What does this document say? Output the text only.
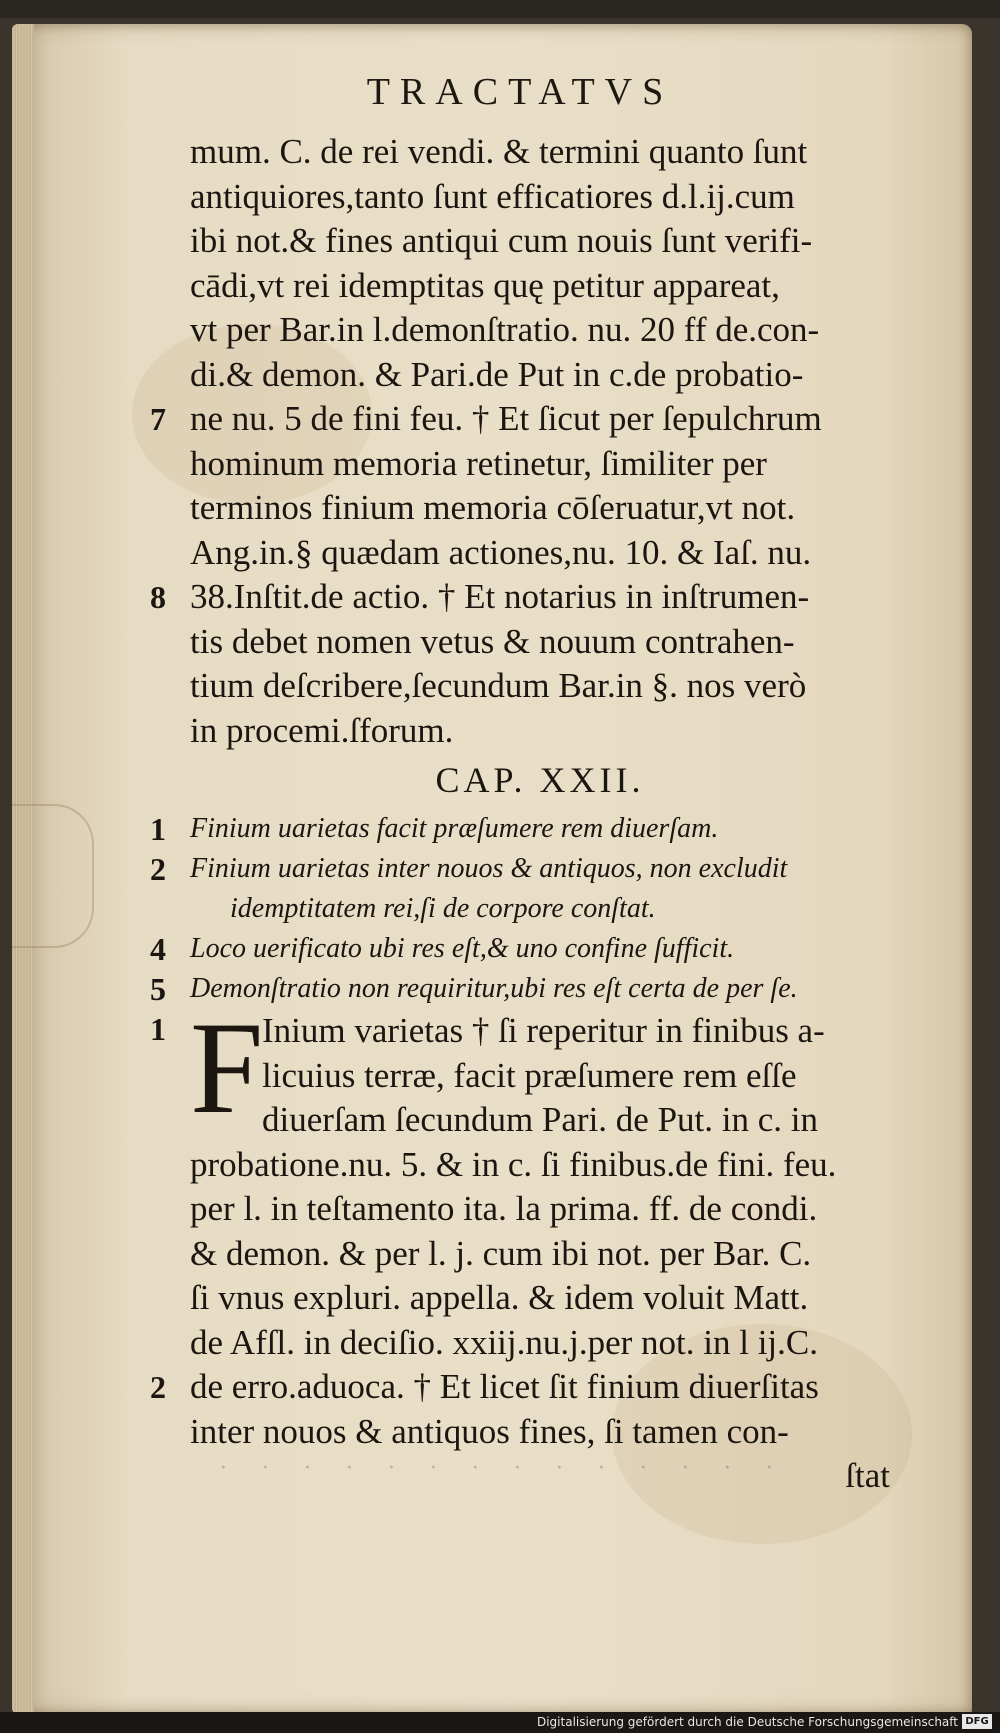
TRACTATVS
mum. C. de rei vendi. & termini quanto ſunt
antiquiores,tanto ſunt efficatiores d.l.ij.cum
ibi not.& fines antiqui cum nouis ſunt verifi-
cādi,vt rei idemptitas quę petitur appareat,
vt per Bar.in l.demonſtratio. nu. 20 ff de.con-
di.& demon. & Pari.de Put in c.de probatio-
7 ne nu. 5 de fini feu. † Et ſicut per ſepulchrum
hominum memoria retinetur, ſimiliter per
terminos finium memoria cōſeruatur,vt not.
Ang.in.§ quædam actiones,nu. 10. & Iaſ. nu.
8 38.Inſtit.de actio. † Et notarius in inſtrumen-
tis debet nomen vetus & nouum contrahen-
tium deſcribere,ſecundum Bar.in §. nos verò
in procemi.ſforum.
CAP. XXII.
1 Finium uarietas facit præſumere rem diuerſam.
2 Finium uarietas inter nouos & antiquos, non excludit
idemptitatem rei,ſi de corpore conſtat.
4 Loco uerificato ubi res eſt,& uno confine ſufficit.
5 Demonſtratio non requiritur,ubi res eſt certa de per ſe.
1 F
Inium varietas † ſi reperitur in finibus a-
licuius terræ, facit præſumere rem eſſe
diuerſam ſecundum Pari. de Put. in c. in
probatione.nu. 5. & in c. ſi finibus.de fini. feu.
per l. in teſtamento ita. la prima. ff. de condi.
& demon. & per l. j. cum ibi not. per Bar. C.
ſi vnus expluri. appella. & idem voluit Matt.
de Afſl. in deciſio. xxiij.nu.j.per not. in l ij.C.
2 de erro.aduoca. † Et licet ſit finium diuerſitas
inter nouos & antiquos fines, ſi tamen con-
ſtat
· · · · · · · · · · · · · ·
Digitalisierung gefördert durch die Deutsche Forschungsgemeinschaft DFG
